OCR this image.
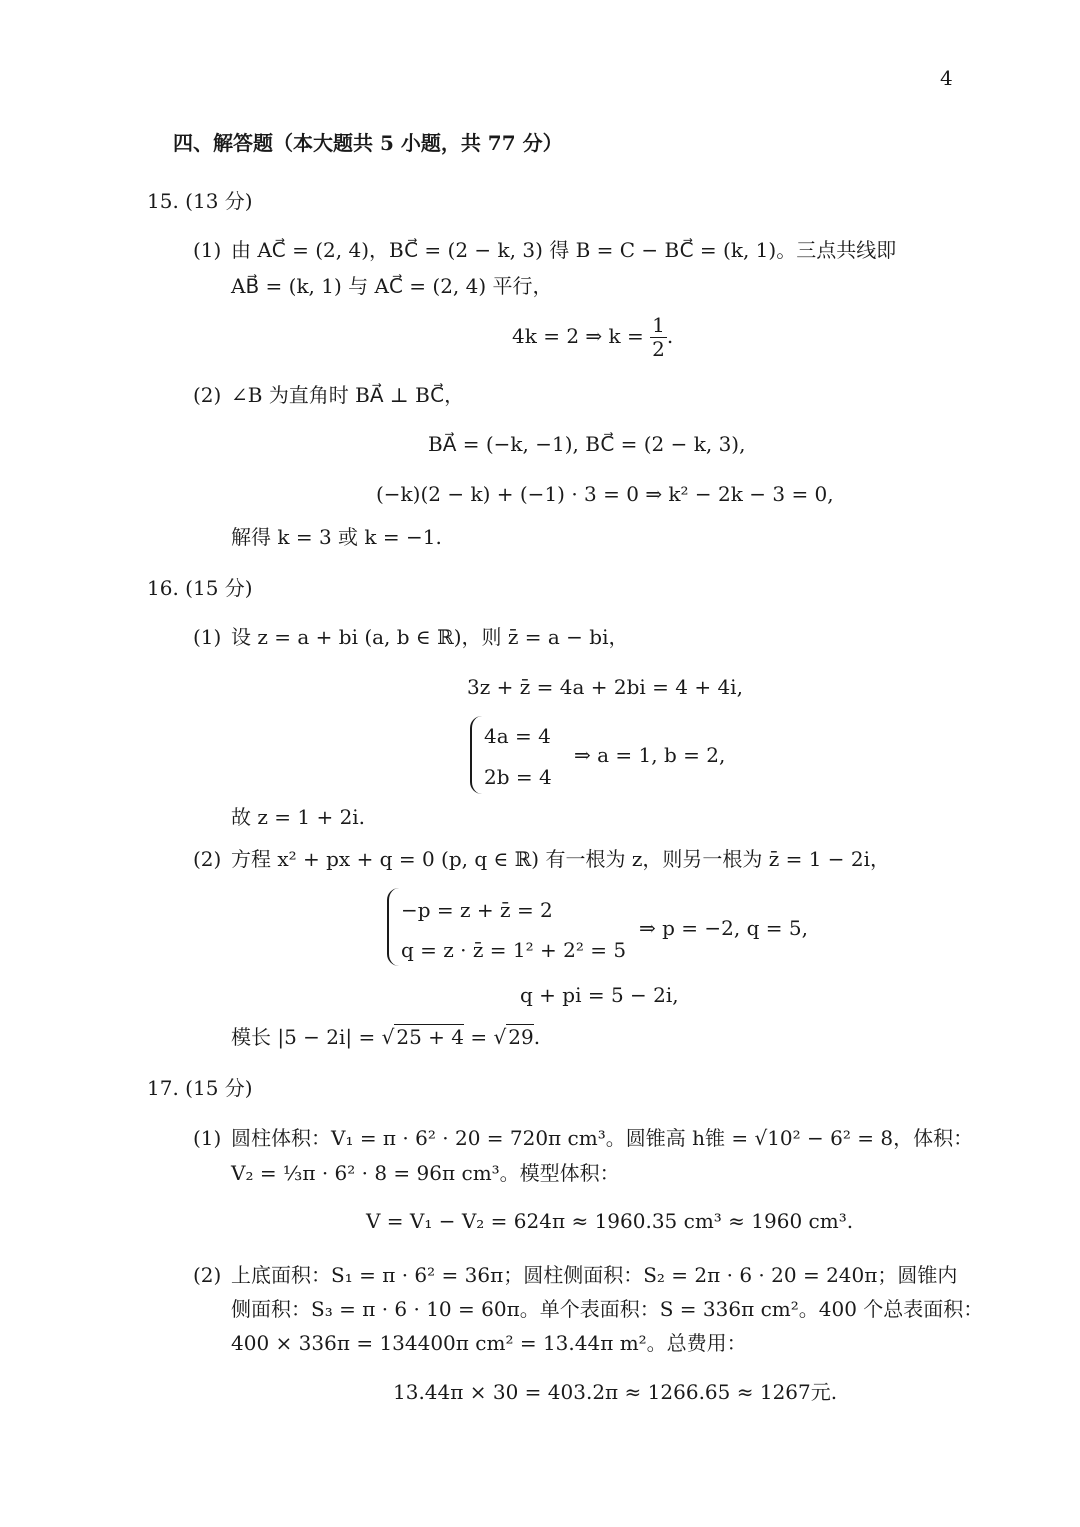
4
四、解答题（本大题共 5 小题，共 77 分）
15. (13 分)
(1) 由 AC⃗ = (2, 4)，BC⃗ = (2 − k, 3) 得 B = C − BC⃗ = (k, 1)。三点共线即
AB⃗ = (k, 1) 与 AC⃗ = (2, 4) 平行，
4k = 2 ⇒ $k = \frac{1}{2}$ .
(2) ∠B 为直角时 BA⃗ ⊥ BC⃗，
BA⃗ = (−k, −1), BC⃗ = (2 − k, 3),
(−k)(2 − k) + (−1) · 3 = 0 ⇒ k² − 2k − 3 = 0,
解得 k = 3 或 k = −1.
16. (15 分)
(1) 设 z = a + bi (a, b ∈ ℝ)，则 z̄ = a − bi，
3z + z̄ = 4a + 2bi = 4 + 4i,
4a = 4
2b = 4
⇒ a = 1, b = 2,
故 z = 1 + 2i.
(2) 方程 x² + px + q = 0 (p, q ∈ ℝ) 有一根为 z，则另一根为 z̄ = 1 − 2i，
−p = z + z̄ = 2
q = z · z̄ = 1² + 2² = 5
⇒ p = −2, q = 5,
q + pi = 5 − 2i,
模长 |5 − 2i| = √ 25 + 4 = √ 29.
17. (15 分)
(1) 圆柱体积：V₁ = π · 6² · 20 = 720π cm³。圆锥高 h锥 = √10² − 6² = 8，体积：
V₂ = ⅓π · 6² · 8 = 96π cm³。模型体积：
V = V₁ − V₂ = 624π ≈ 1960.35 cm³ ≈ 1960 cm³.
(2) 上底面积：S₁ = π · 6² = 36π；圆柱侧面积：S₂ = 2π · 6 · 20 = 240π；圆锥内
侧面积：S₃ = π · 6 · 10 = 60π。单个表面积：S = 336π cm²。400 个总表面积：
400 × 336π = 134400π cm² = 13.44π m²。总费用：
13.44π × 30 = 403.2π ≈ 1266.65 ≈ 1267元.
